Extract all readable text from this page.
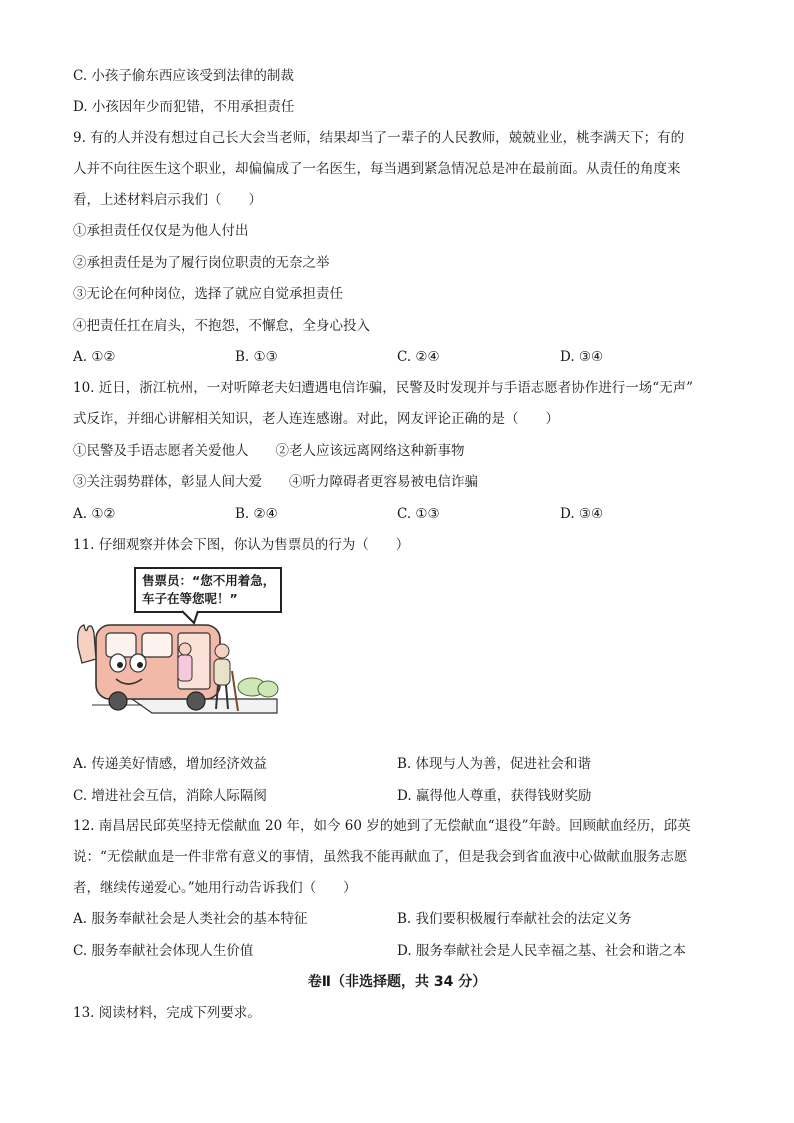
C. 小孩子偷东西应该受到法律的制裁
D. 小孩因年少而犯错，不用承担责任
9. 有的人并没有想过自己长大会当老师，结果却当了一辈子的人民教师，兢兢业业，桃李满天下；有的
人并不向往医生这个职业，却偏偏成了一名医生，每当遇到紧急情况总是冲在最前面。从责任的角度来
看，上述材料启示我们（　　）
①承担责任仅仅是为他人付出
②承担责任是为了履行岗位职责的无奈之举
③无论在何种岗位，选择了就应自觉承担责任
④把责任扛在肩头，不抱怨，不懈怠，全身心投入
A. ①②	B. ①③	C. ②④	D. ③④
10. 近日，浙江杭州，一对听障老夫妇遭遇电信诈骗，民警及时发现并与手语志愿者协作进行一场“无声”
式反诈，并细心讲解相关知识，老人连连感谢。对此，网友评论正确的是（　　）
①民警及手语志愿者关爱他人　　②老人应该远离网络这种新事物
③关注弱势群体，彰显人间大爱　　④听力障碍者更容易被电信诈骗
A. ①②	B. ②④	C. ①③	D. ③④
11. 仔细观察并体会下图，你认为售票员的行为（　　）
售票员：“您不用着急，
车子在等您呢！”
A. 传递美好情感，增加经济效益	B. 体现与人为善，促进社会和谐
C. 增进社会互信，消除人际隔阂	D. 赢得他人尊重，获得钱财奖励
12. 南昌居民邱英坚持无偿献血 20 年，如今 60 岁的她到了无偿献血“退役”年龄。回顾献血经历，邱英
说：“无偿献血是一件非常有意义的事情，虽然我不能再献血了，但是我会到省血液中心做献血服务志愿
者，继续传递爱心。”她用行动告诉我们（　　）
A. 服务奉献社会是人类社会的基本特征	B. 我们要积极履行奉献社会的法定义务
C. 服务奉献社会体现人生价值	D. 服务奉献社会是人民幸福之基、社会和谐之本
卷Ⅱ（非选择题，共 34 分）
13. 阅读材料，完成下列要求。
